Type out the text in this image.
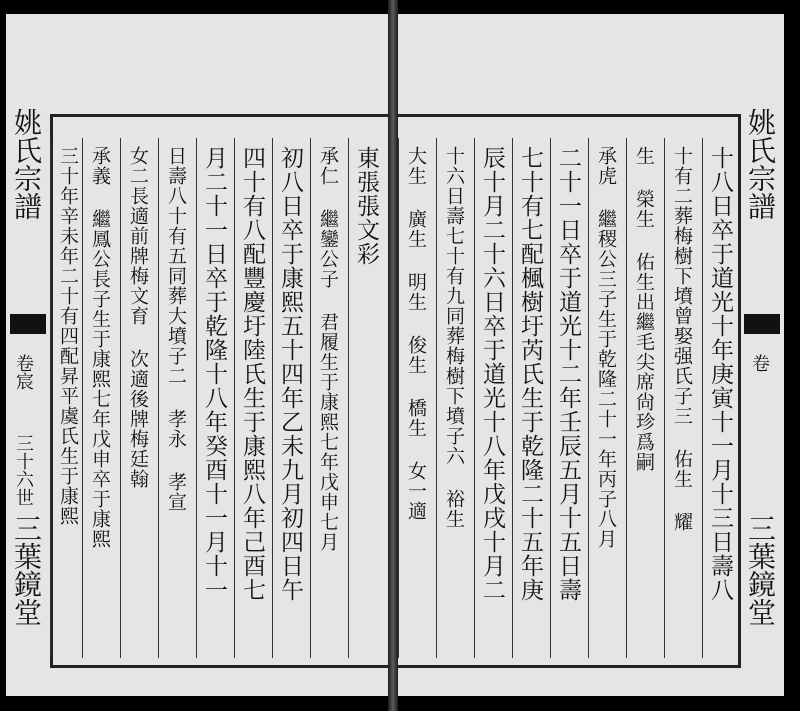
姚氏宗譜
卷宸
三十六世
三葉鏡堂
東張張文彩
承仁 繼鑾公子 君履生于康熙七年戊申七月
初八日卒于康熙五十四年乙未九月初四日午
四十有八配豐慶圩陸氏生于康熙八年己酉七
月二十一日卒于乾隆十八年癸酉十一月十一
日壽八十有五同葬大墳子二 孝永 孝宣
女二長適前牌梅文育 次適後牌梅廷翰
承義 繼鳳公長子生于康熙七年戊申卒于康熙
三十年辛未年二十有四配昇平虞氏生于康熙	姚氏宗譜
卷
三葉鏡堂
十八日卒于道光十年庚寅十一月十三日壽八
十有二葬梅樹下墳曾娶强氏子三 佑生 耀
生 榮生 佑生出繼毛尖席尙珍爲嗣
承虎 繼稷公三子生于乾隆二十一年丙子八月
二十一日卒于道光十二年壬辰五月十五日壽
七十有七配楓樹圩芮氏生于乾隆二十五年庚
辰十月二十六日卒于道光十八年戊戌十月二
十六日壽七十有九同葬梅樹下墳子六 裕生
大生 廣生 明生 俊生 橋生 女一適
